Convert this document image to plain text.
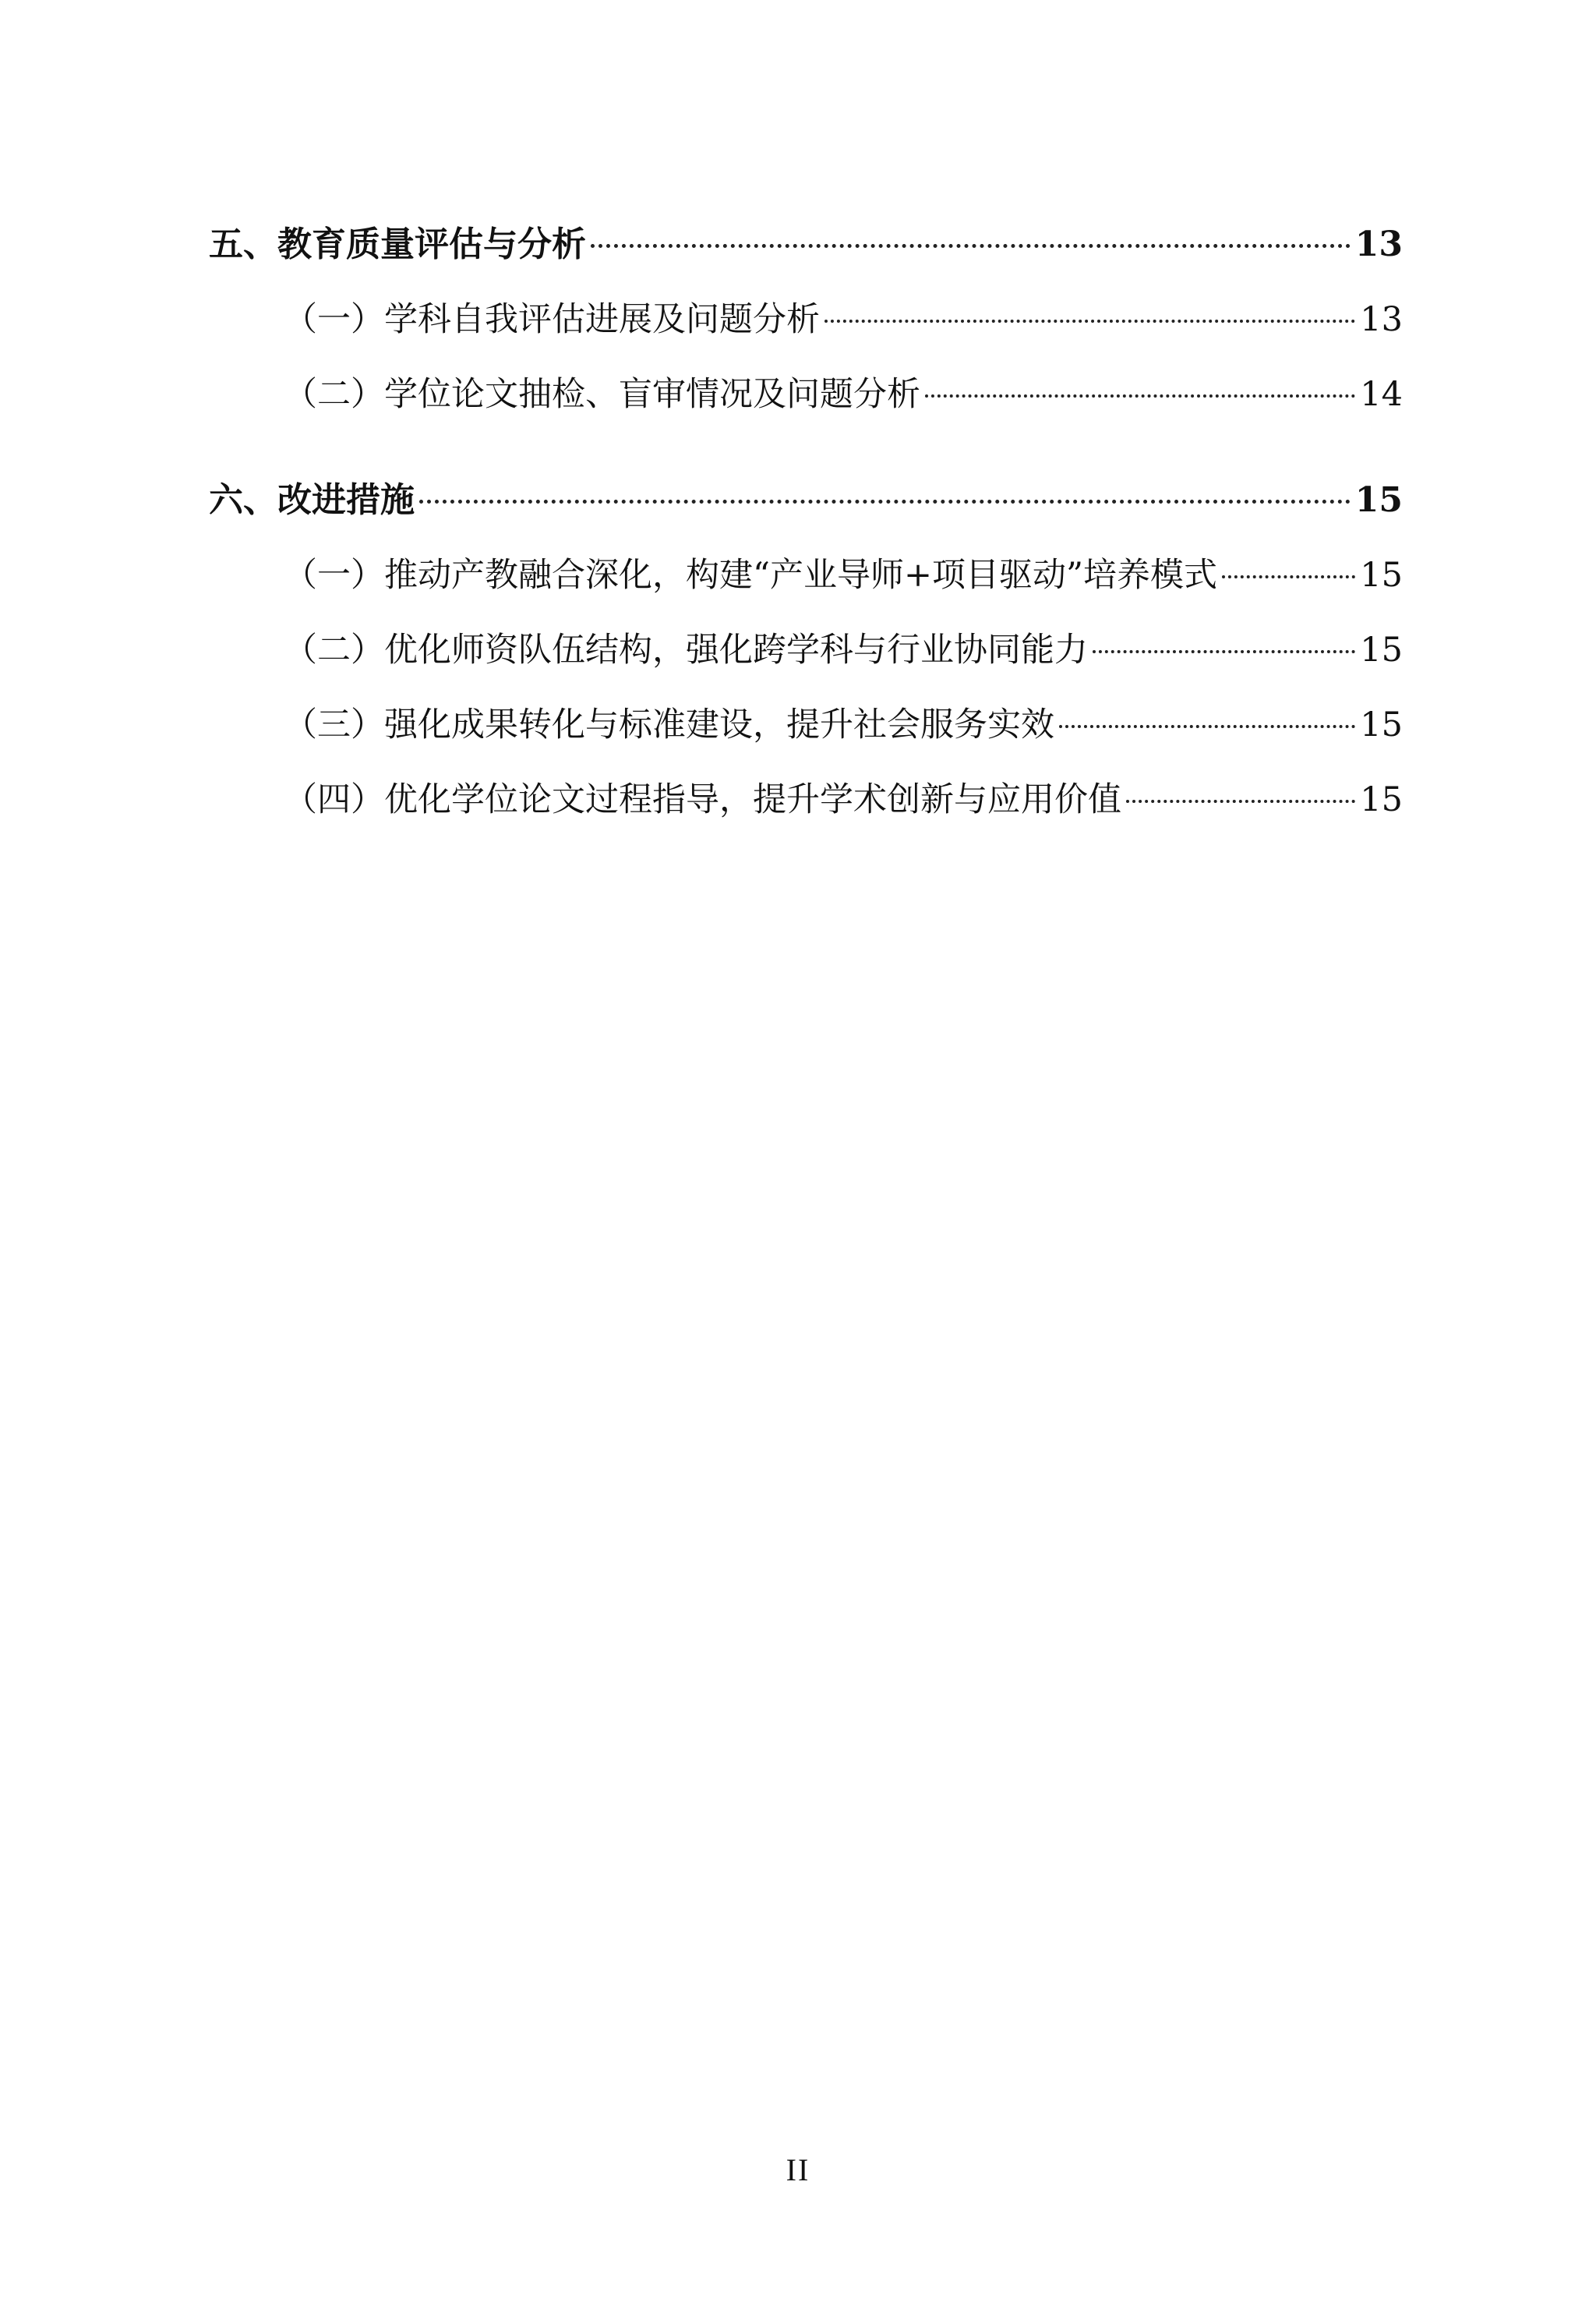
五、教育质量评估与分析	13
（一）学科自我评估进展及问题分析	13
（二）学位论文抽检、盲审情况及问题分析	14
六、改进措施	15
（一）推动产教融合深化，构建“产业导师+项目驱动”培养模式	15
（二）优化师资队伍结构，强化跨学科与行业协同能力	15
（三）强化成果转化与标准建设，提升社会服务实效	15
（四）优化学位论文过程指导，提升学术创新与应用价值	15
II
